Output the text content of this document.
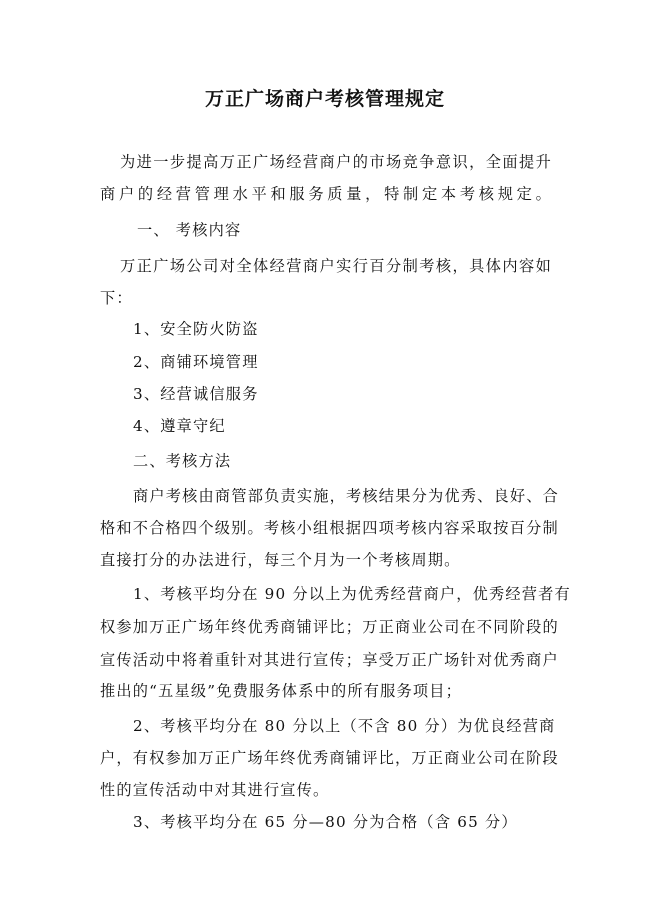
万正广场商户考核管理规定

为进一步提高万正广场经营商户的市场竞争意识，全面提升

商户的经营管理水平和服务质量，特制定本考核规定。

一、 考核内容

万正广场公司对全体经营商户实行百分制考核，具体内容如

下：

1、安全防火防盗

2、商铺环境管理

3、经营诚信服务

4、遵章守纪

二、考核方法

商户考核由商管部负责实施，考核结果分为优秀、良好、合

格和不合格四个级别。考核小组根据四项考核内容采取按百分制

直接打分的办法进行，每三个月为一个考核周期。

1、考核平均分在 90 分以上为优秀经营商户，优秀经营者有

权参加万正广场年终优秀商铺评比；万正商业公司在不同阶段的

宣传活动中将着重针对其进行宣传；享受万正广场针对优秀商户

推出的“五星级”免费服务体系中的所有服务项目；

2、考核平均分在 80 分以上（不含 80 分）为优良经营商

户，有权参加万正广场年终优秀商铺评比，万正商业公司在阶段

性的宣传活动中对其进行宣传。

3、考核平均分在 65 分—80 分为合格（含 65 分）
